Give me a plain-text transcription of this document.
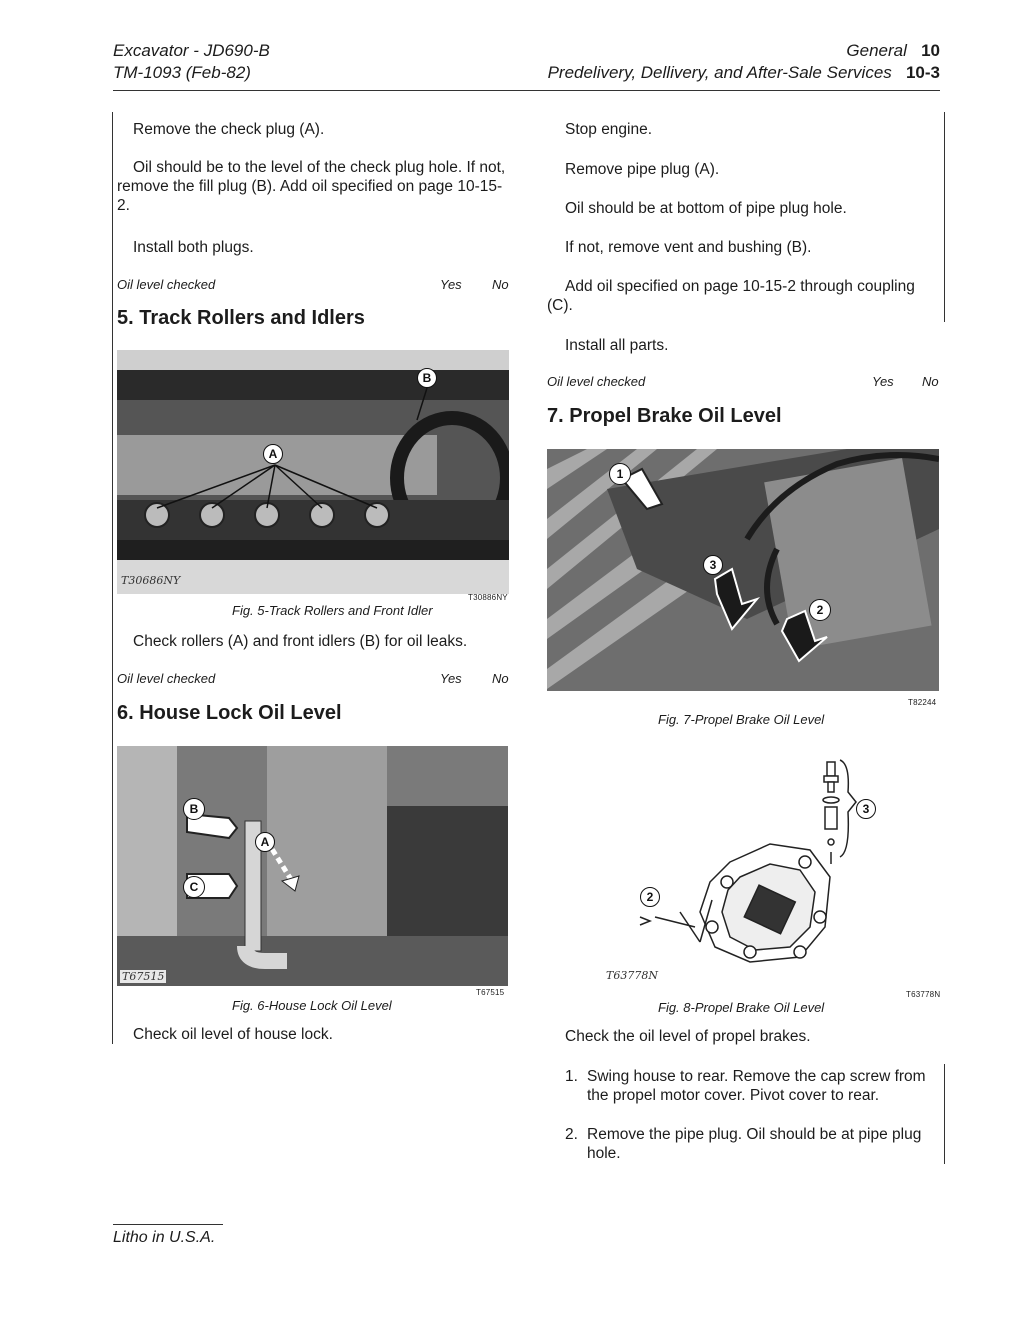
Excavator - JD690-B
TM-1093 (Feb-82)
General 10
Predelivery, Dellivery, and After-Sale Services 10-3
Remove the check plug (A).
Oil should be to the level of the check plug hole. If not, remove the fill plug (B). Add oil specified on page 10-15-2.
Install both plugs.
Oil level checked	Yes No
5. Track Rollers and Idlers
A
B
T30686NY
T30886NY
Fig. 5-Track Rollers and Front Idler
Check rollers (A) and front idlers (B) for oil leaks.
Oil level checked	Yes No
6. House Lock Oil Level
B
A
C
T67515
T67515
Fig. 6-House Lock Oil Level
Check oil level of house lock.
Stop engine.
Remove pipe plug (A).
Oil should be at bottom of pipe plug hole.
If not, remove vent and bushing (B).
Add oil specified on page 10-15-2 through coupling (C).
Install all parts.
Oil level checked	Yes No
7. Propel Brake Oil Level
1
3
2
T82244
Fig. 7-Propel Brake Oil Level
3
2
T63778N
T63778N
Fig. 8-Propel Brake Oil Level
Check the oil level of propel brakes.
1. Swing house to rear. Remove the cap screw from the propel motor cover. Pivot cover to rear.
2. Remove the pipe plug. Oil should be at pipe plug hole.
Litho in U.S.A.
